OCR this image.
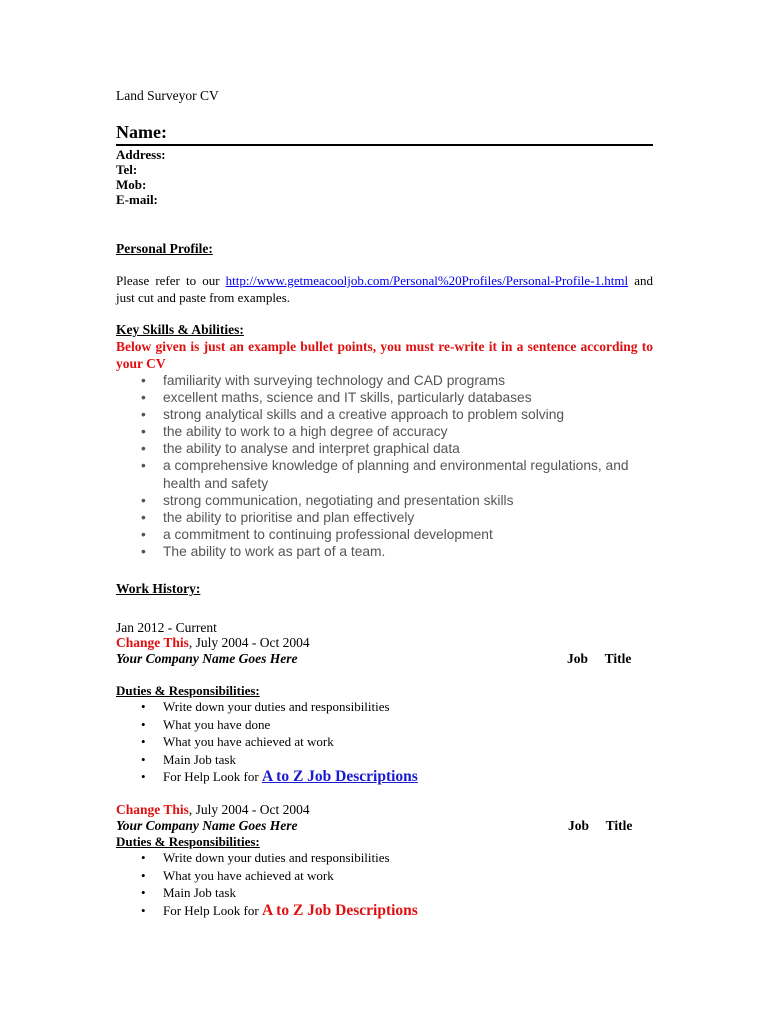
Land Surveyor CV
Name:
Address:
Tel:
Mob:
E-mail:
Personal Profile:
Please refer to our http://www.getmeacooljob.com/Personal%20Profiles/Personal-Profile-1.html and just cut and paste from examples.
Key Skills & Abilities:
Below given is just an example bullet points, you must re-write it in a sentence according to your CV
• familiarity with surveying technology and CAD programs
• excellent maths, science and IT skills, particularly databases
• strong analytical skills and a creative approach to problem solving
• the ability to work to a high degree of accuracy
• the ability to analyse and interpret graphical data
• a comprehensive knowledge of planning and environmental regulations, and health and safety
• strong communication, negotiating and presentation skills
• the ability to prioritise and plan effectively
• a commitment to continuing professional development
• The ability to work as part of a team.
Work History:
Jan 2012 - Current
Change This, July 2004 - Oct 2004
Your Company Name Goes Here	Job     Title
Duties & Responsibilities:
• Write down your duties and responsibilities
• What you have done
• What you have achieved at work
• Main Job task
• For Help Look for A to Z Job Descriptions
Change This, July 2004 - Oct 2004
Your Company Name Goes Here	Job     Title
Duties & Responsibilities:
• Write down your duties and responsibilities
• What you have achieved at work
• Main Job task
• For Help Look for A to Z Job Descriptions
